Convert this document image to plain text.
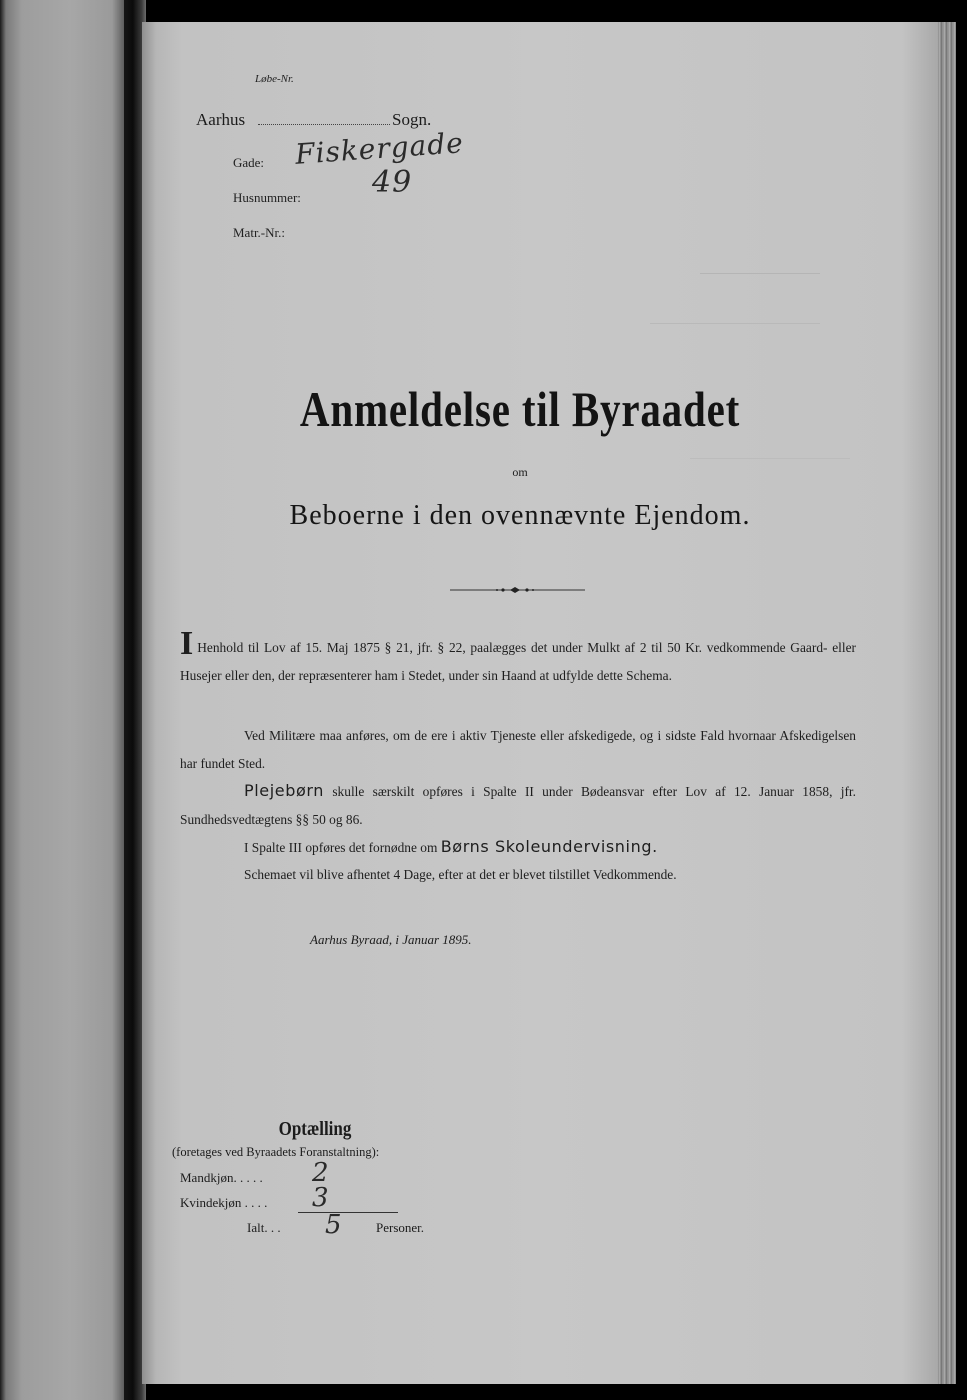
Løbe-Nr.
Aarhus	Sogn.
Gade: Fiskergade
Husnummer: 49
Matr.-Nr.:
Anmeldelse til Byraadet
om
Beboerne i den ovennævnte Ejendom.
I Henhold til Lov af 15. Maj 1875 § 21, jfr. § 22, paalægges det under Mulkt af 2 til 50 Kr. vedkommende Gaard- eller Husejer eller den, der repræsenterer ham i Stedet, under sin Haand at udfylde dette Schema.
Ved Militære maa anføres, om de ere i aktiv Tjeneste eller afskedigede, og i sidste Fald hvornaar Afskedigelsen har fundet Sted.
Plejebørn skulle særskilt opføres i Spalte II under Bødeansvar efter Lov af 12. Januar 1858, jfr. Sundhedsvedtægtens §§ 50 og 86.
I Spalte III opføres det fornødne om Børns Skoleundervisning.
Schemaet vil blive afhentet 4 Dage, efter at det er blevet tilstillet Vedkommende.
Aarhus Byraad, i Januar 1895.
Optælling
(foretages ved Byraadets Foranstaltning):
Mandkjøn. . . . . 2
Kvindekjøn . . . . 3
Ialt. . . 5	Personer.
